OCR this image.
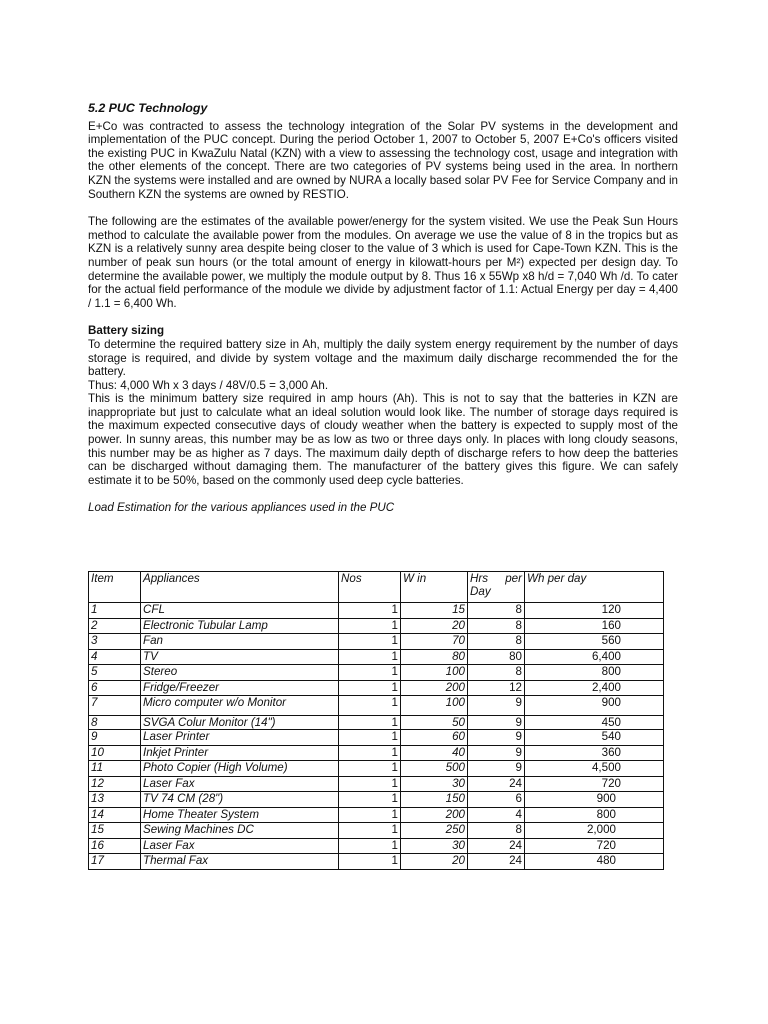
5.2 PUC Technology

E+Co was contracted to assess the technology integration of the Solar PV systems in the development and implementation of the PUC concept. During the period October 1, 2007 to October 5, 2007 E+Co's officers visited the existing PUC in KwaZulu Natal (KZN) with a view to assessing the technology cost, usage and integration with the other elements of the concept. There are two categories of PV systems being used in the area. In northern KZN the systems were installed and are owned by NURA a locally based solar PV Fee for Service Company and in Southern KZN the systems are owned by RESTIO.

The following are the estimates of the available power/energy for the system visited. We use the Peak Sun Hours method to calculate the available power from the modules. On average we use the value of 8 in the tropics but as KZN is a relatively sunny area despite being closer to the value of 3 which is used for Cape-Town KZN. This is the number of peak sun hours (or the total amount of energy in kilowatt-hours per M²) expected per design day. To determine the available power, we multiply the module output by 8. Thus 16 x 55Wp x8 h/d = 7,040 Wh /d. To cater for the actual field performance of the module we divide by adjustment factor of 1.1: Actual Energy per day = 4,400 / 1.1 = 6,400 Wh.

Battery sizing

To determine the required battery size in Ah, multiply the daily system energy requirement by the number of days storage is required, and divide by system voltage and the maximum daily discharge recommended the for the battery.

Thus: 4,000 Wh x 3 days / 48V/0.5 = 3,000 Ah.

This is the minimum battery size required in amp hours (Ah). This is not to say that the batteries in KZN are inappropriate but just to calculate what an ideal solution would look like. The number of storage days required is the maximum expected consecutive days of cloudy weather when the battery is expected to supply most of the power. In sunny areas, this number may be as low as two or three days only. In places with long cloudy seasons, this number may be as higher as 7 days. The maximum daily depth of discharge refers to how deep the batteries can be discharged without damaging them. The manufacturer of the battery gives this figure. We can safely estimate it to be 50%, based on the commonly used deep cycle batteries.

Load Estimation for the various appliances used in the PUC

Item	Appliances	Nos	W in	Hrs per
Day	Wh per day
1	CFL	1	15	8	120
2	Electronic Tubular Lamp	1	20	8	160
3	Fan	1	70	8	560
4	TV	1	80	80	6,400
5	Stereo	1	100	8	800
6	Fridge/Freezer	1	200	12	2,400
7	Micro computer w/o Monitor	1	100	9	900
8	SVGA Colur Monitor (14")	1	50	9	450
9	Laser Printer	1	60	9	540
10	Inkjet Printer	1	40	9	360
11	Photo Copier (High Volume)	1	500	9	4,500
12	Laser Fax	1	30	24	720
13	TV 74 CM (28")	1	150	6	900
14	Home Theater System	1	200	4	800
15	Sewing Machines DC	1	250	8	2,000
16	Laser Fax	1	30	24	720
17	Thermal Fax	1	20	24	480
